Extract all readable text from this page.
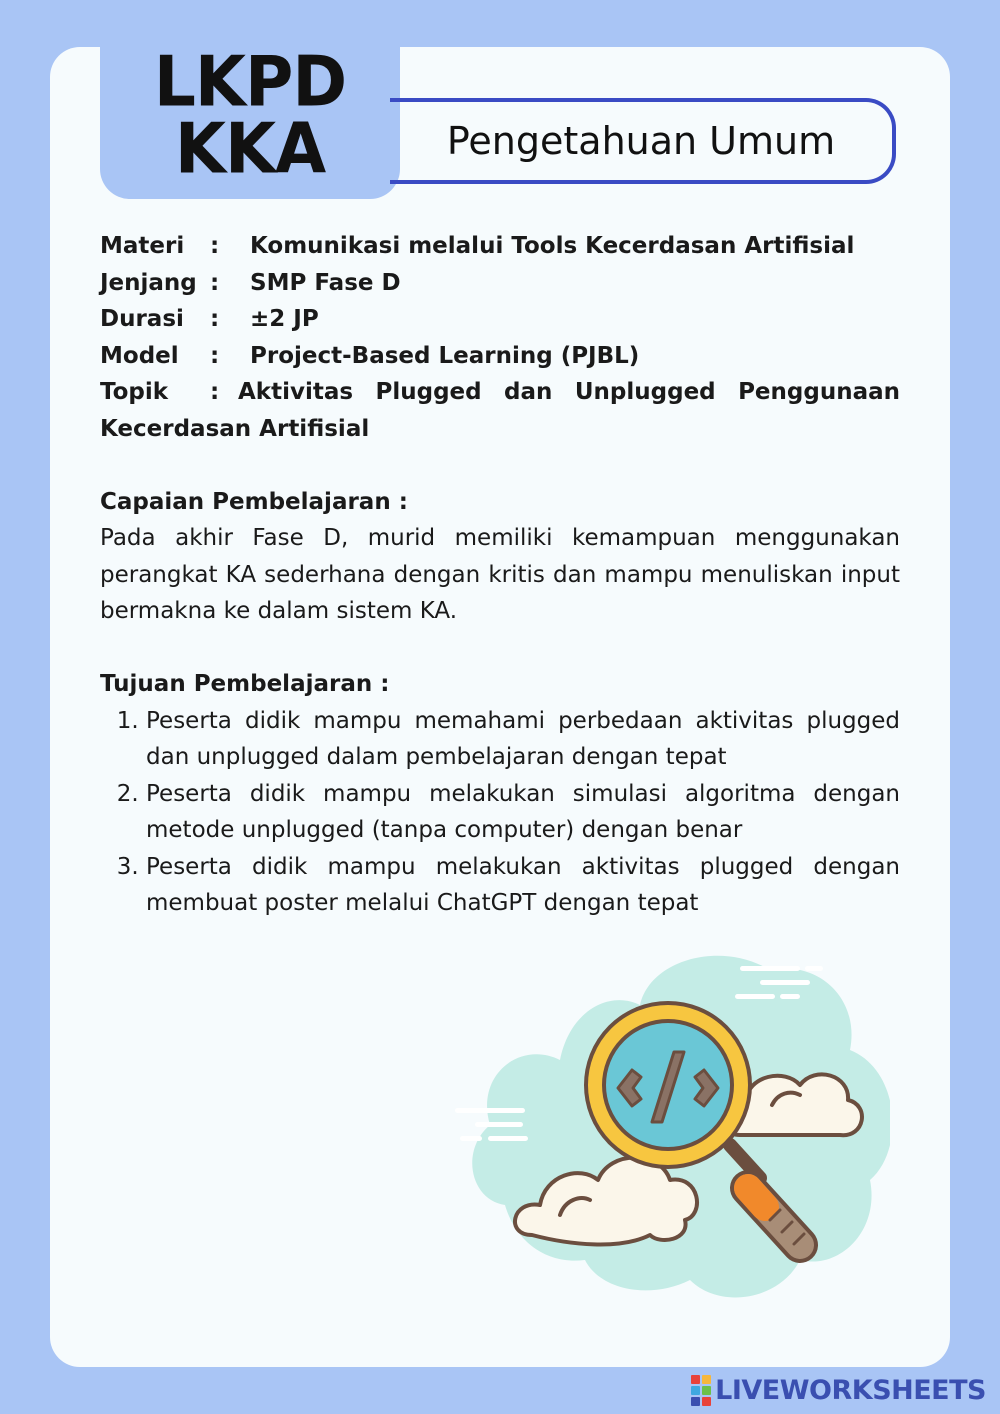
LKPD
KKA	Pengetahuan Umum
Materi	:	Komunikasi melalui Tools Kecerdasan Artifisial
Jenjang :	SMP Fase D
Durasi	:	±2 JP
Model	:	Project-Based Learning (PJBL)
Topik : Aktivitas Plugged dan Unplugged Penggunaan Kecerdasan Artifisial
Capaian Pembelajaran :
Pada akhir Fase D, murid memiliki kemampuan menggunakan perangkat KA sederhana dengan kritis dan mampu menuliskan input bermakna ke dalam sistem KA.
Tujuan Pembelajaran :
1. Peserta didik mampu memahami perbedaan aktivitas plugged dan unplugged dalam pembelajaran dengan tepat
2. Peserta didik mampu melakukan simulasi algoritma dengan metode unplugged (tanpa computer) dengan benar
3. Peserta didik mampu melakukan aktivitas plugged dengan membuat poster melalui ChatGPT dengan tepat
LIVEWORKSHEETS
